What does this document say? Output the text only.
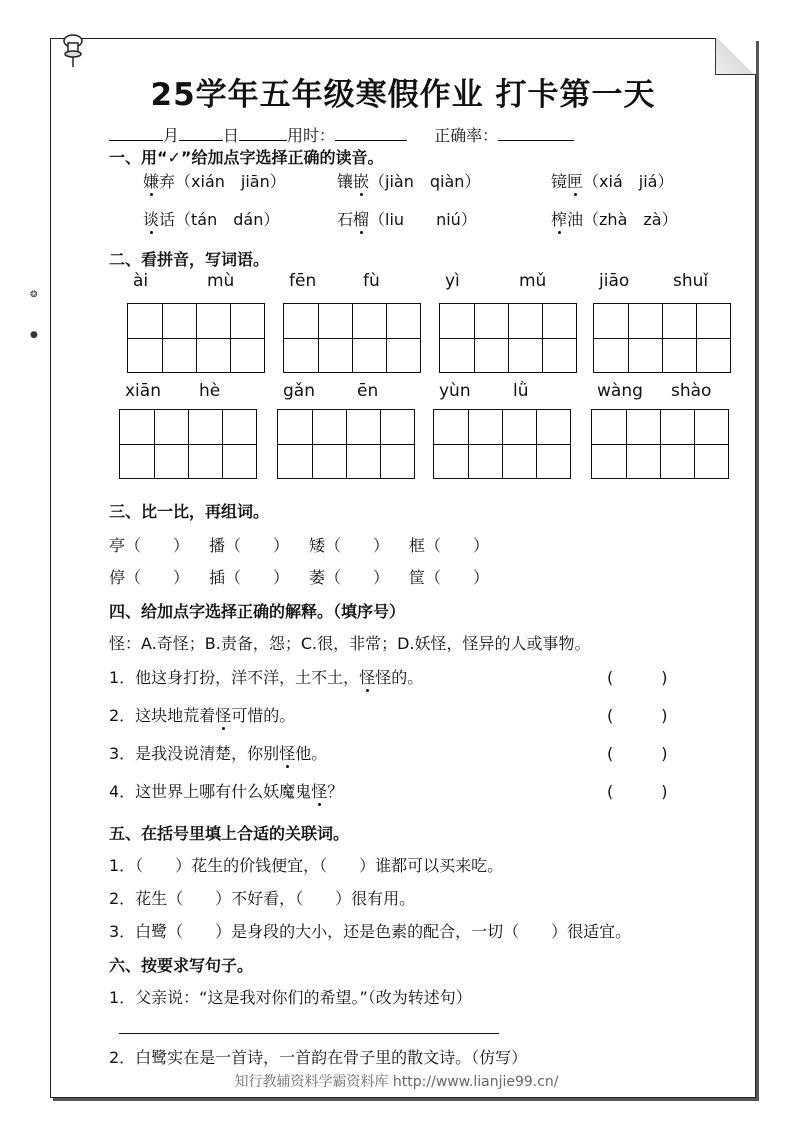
25学年五年级寒假作业 打卡第一天
月	日	用时：	正确率：
一、用“✓”给加点字选择正确的读音。
嫌弃（xián　jiān）	镶嵌（jiàn　qiàn）	镜匣（xiá　jiá）
谈话（tán　dán）	石榴（liu　　niú）	榨油（zhà　zà）
二、看拼音，写词语。
ài	mù	fēn	fù	yì	mǔ	jiāo	shuǐ
xiān hè	gǎn ēn	yùn lǜ	wàng shào
三、比一比，再组词。
亭（　　） 播（　　） 矮（　　） 框（　　）
停（　　） 插（　　） 萎（　　） 筐（　　）
四、给加点字选择正确的解释。（填序号）
怪：A.奇怪；B.责备，怨；C.很，非常；D.妖怪，怪异的人或事物。
1．他这身打扮，洋不洋，土不土，怪怪的。	(　　　)
2．这块地荒着怪可惜的。	(　　　)
3．是我没说清楚，你别怪他。	(　　　)
4．这世界上哪有什么妖魔鬼怪？	(　　　)
五、在括号里填上合适的关联词。
1．（　　）花生的价钱便宜，（　　）谁都可以买来吃。
2．花生（　　）不好看，（　　）很有用。
3．白鹭（　　）是身段的大小，还是色素的配合，一切（　　）很适宜。
六、按要求写句子。
1．父亲说：“这是我对你们的希望。”（改为转述句）
2．白鹭实在是一首诗，一首韵在骨子里的散文诗。（仿写）
❂
●
知行教辅资料学霸资料库 http://www.lianjie99.cn/
